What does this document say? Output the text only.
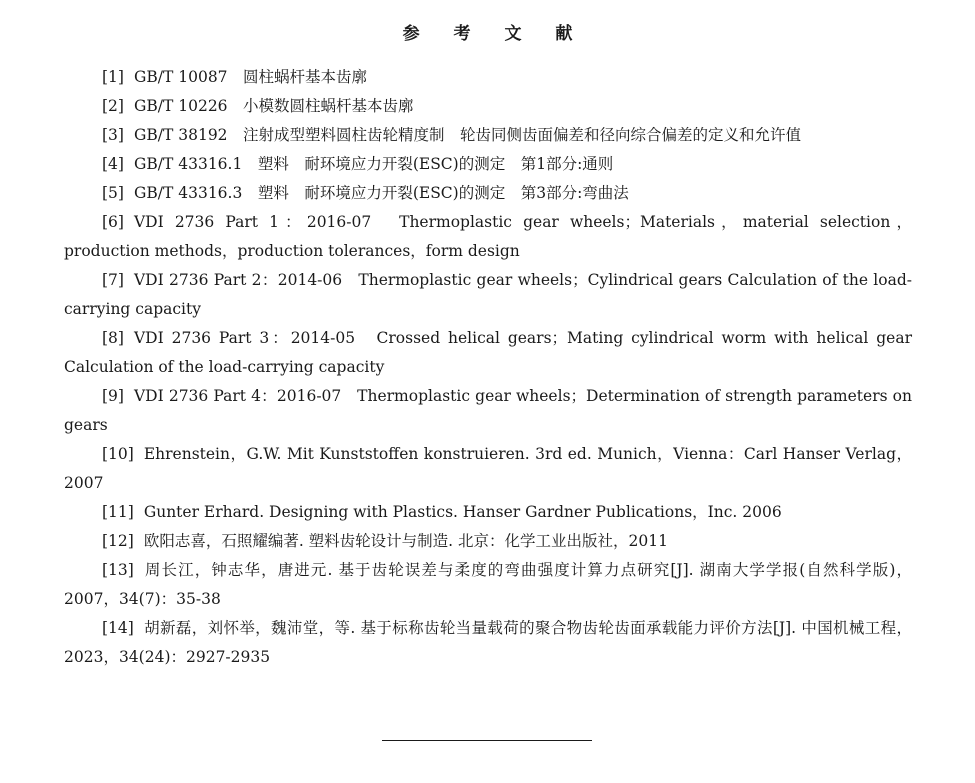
参 考 文 献
[1] GB/T 10087　圆柱蜗杆基本齿廓
[2] GB/T 10226　小模数圆柱蜗杆基本齿廓
[3] GB/T 38192　注射成型塑料圆柱齿轮精度制　轮齿同侧齿面偏差和径向综合偏差的定义和允许值
[4] GB/T 43316.1　塑料　耐环境应力开裂(ESC)的测定　第1部分:通则
[5] GB/T 43316.3　塑料　耐环境应力开裂(ESC)的测定　第3部分:弯曲法
[6] VDI 2736 Part 1：2016-07　Thermoplastic gear wheels；Materials，material selection，production methods，production tolerances，form design
[7] VDI 2736 Part 2：2014-06　Thermoplastic gear wheels；Cylindrical gears Calculation of the load-carrying capacity
[8] VDI 2736 Part 3：2014-05　Crossed helical gears；Mating cylindrical worm with helical gear Calculation of the load-carrying capacity
[9] VDI 2736 Part 4：2016-07　Thermoplastic gear wheels；Determination of strength parameters on gears
[10] Ehrenstein，G.W. Mit Kunststoffen konstruieren. 3rd ed. Munich，Vienna：Carl Hanser Verlag，2007
[11] Gunter Erhard. Designing with Plastics. Hanser Gardner Publications，Inc. 2006
[12] 欧阳志喜，石照耀编著. 塑料齿轮设计与制造. 北京：化学工业出版社，2011
[13] 周长江，钟志华，唐进元. 基于齿轮误差与柔度的弯曲强度计算力点研究[J]. 湖南大学学报(自然科学版)，2007，34(7)：35-38
[14] 胡新磊，刘怀举，魏沛堂，等. 基于标称齿轮当量载荷的聚合物齿轮齿面承载能力评价方法[J]. 中国机械工程，2023，34(24)：2927-2935
